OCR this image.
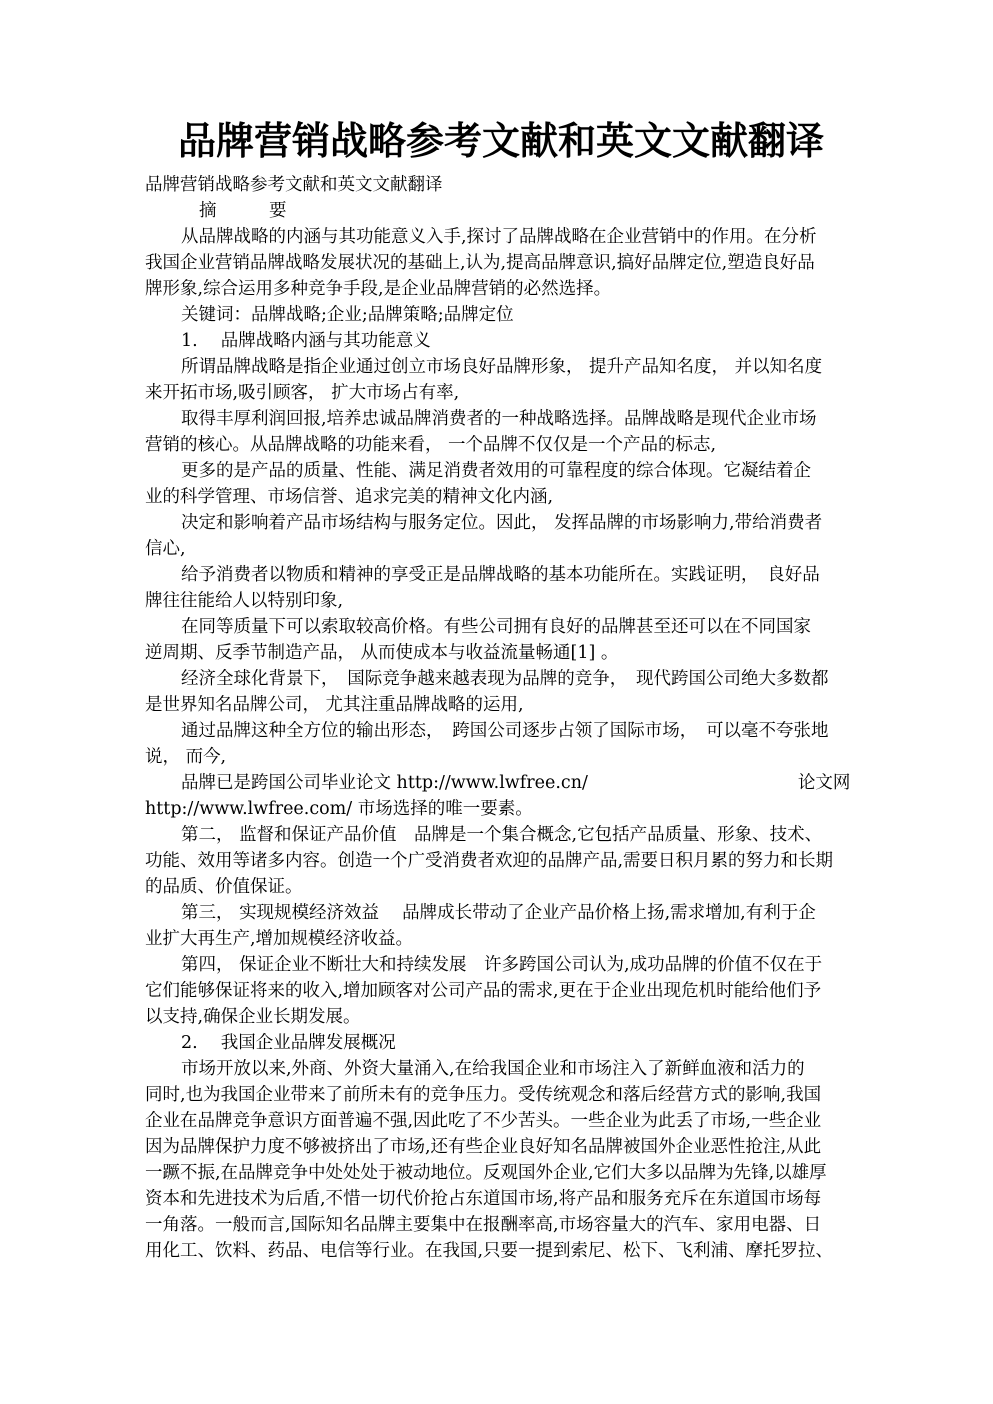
品牌营销战略参考文献和英文文献翻译
品牌营销战略参考文献和英文文献翻译
摘　　　要
从品牌战略的内涵与其功能意义入手,探讨了品牌战略在企业营销中的作用。在分析
我国企业营销品牌战略发展状况的基础上,认为,提高品牌意识,搞好品牌定位,塑造良好品
牌形象,综合运用多种竞争手段,是企业品牌营销的必然选择。
关键词：品牌战略;企业;品牌策略;品牌定位
1.　 品牌战略内涵与其功能意义
所谓品牌战略是指企业通过创立市场良好品牌形象， 提升产品知名度， 并以知名度
来开拓市场,吸引顾客， 扩大市场占有率,
取得丰厚利润回报,培养忠诚品牌消费者的一种战略选择。品牌战略是现代企业市场
营销的核心。从品牌战略的功能来看， 一个品牌不仅仅是一个产品的标志,
更多的是产品的质量、性能、满足消费者效用的可靠程度的综合体现。它凝结着企
业的科学管理、市场信誉、追求完美的精神文化内涵,
决定和影响着产品市场结构与服务定位。因此， 发挥品牌的市场影响力,带给消费者
信心,
给予消费者以物质和精神的享受正是品牌战略的基本功能所在。实践证明，　良好品
牌往往能给人以特别印象,
在同等质量下可以索取较高价格。有些公司拥有良好的品牌甚至还可以在不同国家
逆周期、反季节制造产品， 从而使成本与收益流量畅通[1] 。
经济全球化背景下，　国际竞争越来越表现为品牌的竞争，　现代跨国公司绝大多数都
是世界知名品牌公司， 尤其注重品牌战略的运用,
通过品牌这种全方位的输出形态，　跨国公司逐步占领了国际市场，　可以毫不夸张地
说， 而今,
品牌已是跨国公司毕业论文 http://www.lwfree.cn/　　　　　　　　　　　　论文网
http://www.lwfree.com/ 市场选择的唯一要素。
第二， 监督和保证产品价值　品牌是一个集合概念,它包括产品质量、形象、技术、
功能、效用等诸多内容。创造一个广受消费者欢迎的品牌产品,需要日积月累的努力和长期
的品质、价值保证。
第三， 实现规模经济效益　 品牌成长带动了企业产品价格上扬,需求增加,有利于企
业扩大再生产,增加规模经济收益。
第四， 保证企业不断壮大和持续发展　许多跨国公司认为,成功品牌的价值不仅在于
它们能够保证将来的收入,增加顾客对公司产品的需求,更在于企业出现危机时能给他们予
以支持,确保企业长期发展。
2.　 我国企业品牌发展概况
市场开放以来,外商、外资大量涌入,在给我国企业和市场注入了新鲜血液和活力的
同时,也为我国企业带来了前所未有的竞争压力。受传统观念和落后经营方式的影响,我国
企业在品牌竞争意识方面普遍不强,因此吃了不少苦头。一些企业为此丢了市场,一些企业
因为品牌保护力度不够被挤出了市场,还有些企业良好知名品牌被国外企业恶性抢注,从此
一蹶不振,在品牌竞争中处处处于被动地位。反观国外企业,它们大多以品牌为先锋,以雄厚
资本和先进技术为后盾,不惜一切代价抢占东道国市场,将产品和服务充斥在东道国市场每
一角落。一般而言,国际知名品牌主要集中在报酬率高,市场容量大的汽车、家用电器、日
用化工、饮料、药品、电信等行业。在我国,只要一提到索尼、松下、飞利浦、摩托罗拉、
